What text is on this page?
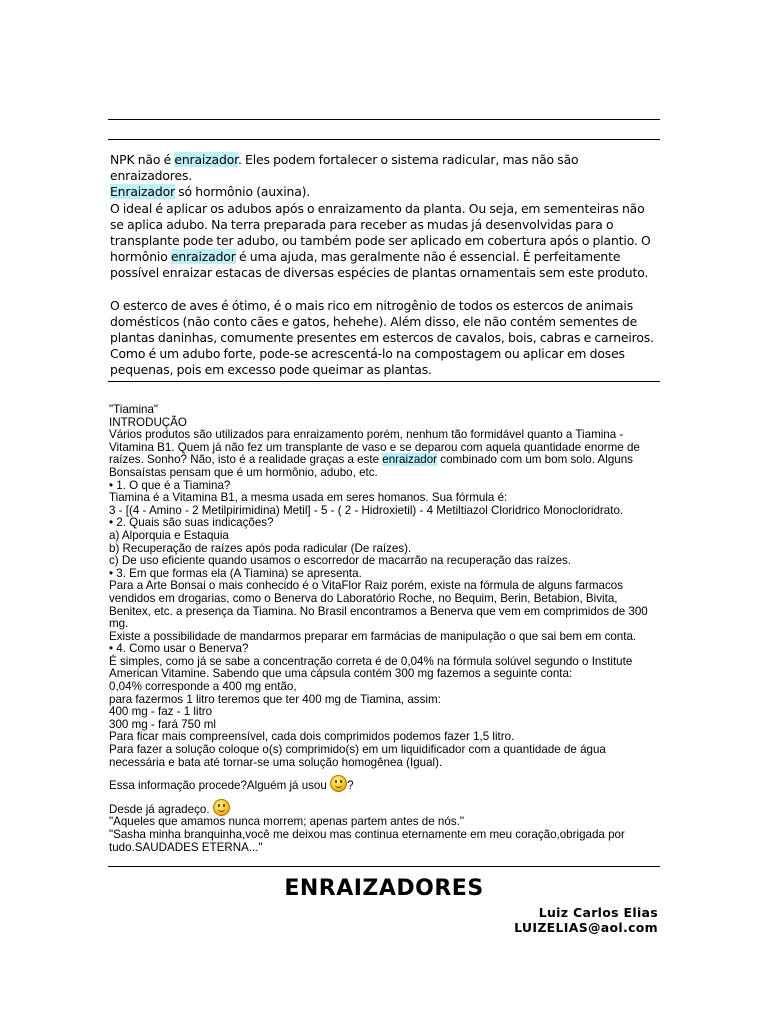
NPK não é enraizador. Eles podem fortalecer o sistema radicular, mas não são enraizadores.
Enraizador só hormônio (auxina).
O ideal é aplicar os adubos após o enraizamento da planta. Ou seja, em sementeiras não se aplica adubo. Na terra preparada para receber as mudas já desenvolvidas para o transplante pode ter adubo, ou também pode ser aplicado em cobertura após o plantio. O hormônio enraizador é uma ajuda, mas geralmente não é essencial. É perfeitamente possível enraizar estacas de diversas espécies de plantas ornamentais sem este produto.

O esterco de aves é ótimo, é o mais rico em nitrogênio de todos os estercos de animais domésticos (não conto cães e gatos, hehehe). Além disso, ele não contém sementes de plantas daninhas, comumente presentes em estercos de cavalos, bois, cabras e carneiros. Como é um adubo forte, pode-se acrescentá-lo na compostagem ou aplicar em doses pequenas, pois em excesso pode queimar as plantas.

"Tiamina"

INTRODUÇÃO

Vários produtos são utilizados para enraizamento porém, nenhum tão formidável quanto a Tiamina - Vitamina B1. Quem já não fez um transplante de vaso e se deparou com aquela quantidade enorme de raízes. Sonho? Não, isto é a realidade graças a este enraizador combinado com um bom solo. Alguns Bonsaístas pensam que é um hormônio, adubo, etc.

• 1. O que é a Tiamina?

Tiamina é a Vitamina B1, a mesma usada em seres homanos. Sua fórmula é:

3 - [(4 - Amino - 2 Metilpirimidina) Metil] - 5 - ( 2 - Hidroxietil) - 4 Metiltiazol Cloridrico Monocloridrato.

• 2. Quais são suas indicações?

a) Alporquia e Estaquia

b) Recuperação de raízes após poda radicular (De raízes).

c) De uso eficiente quando usamos o escorredor de macarrão na recuperação das raízes.

• 3. Em que formas ela (A Tiamina) se apresenta.

Para a Arte Bonsai o mais conhecido é o VitaFlor Raiz porém, existe na fórmula de alguns farmacos vendidos em drogarias, como o Benerva do Laboratório Roche, no Bequim, Berin, Betabion, Bivita, Benitex, etc. a presença da Tiamina. No Brasil encontramos a Benerva que vem em comprimidos de 300 mg.

Existe a possibilidade de mandarmos preparar em farmácias de manipulação o que sai bem em conta.

• 4. Como usar o Benerva?

É simples, como já se sabe a concentração correta é de 0,04% na fórmula solúvel segundo o Institute American Vitamine. Sabendo que uma cápsula contém 300 mg fazemos a seguinte conta:

0,04% corresponde a 400 mg então,

para fazermos 1 litro teremos que ter 400 mg de Tiamina, assim:

400 mg - faz - 1 litro

300 mg - fará 750 ml

Para ficar mais compreensível, cada dois comprimidos podemos fazer 1,5 litro.

Para fazer a solução coloque o(s) comprimido(s) em um liquidificador com a quantidade de água necessária e bata até tornar-se uma solução homogênea (Igual).

Essa informação procede?Alguém já usou
?

Desde já agradeço.

"Aqueles que amamos nunca morrem; apenas partem antes de nós."

"Sasha minha branquinha,você me deixou mas continua eternamente em meu coração,obrigada por tudo.SAUDADES ETERNA..."

ENRAIZADORES
Luiz Carlos Elias
LUIZELIAS@aol.com
